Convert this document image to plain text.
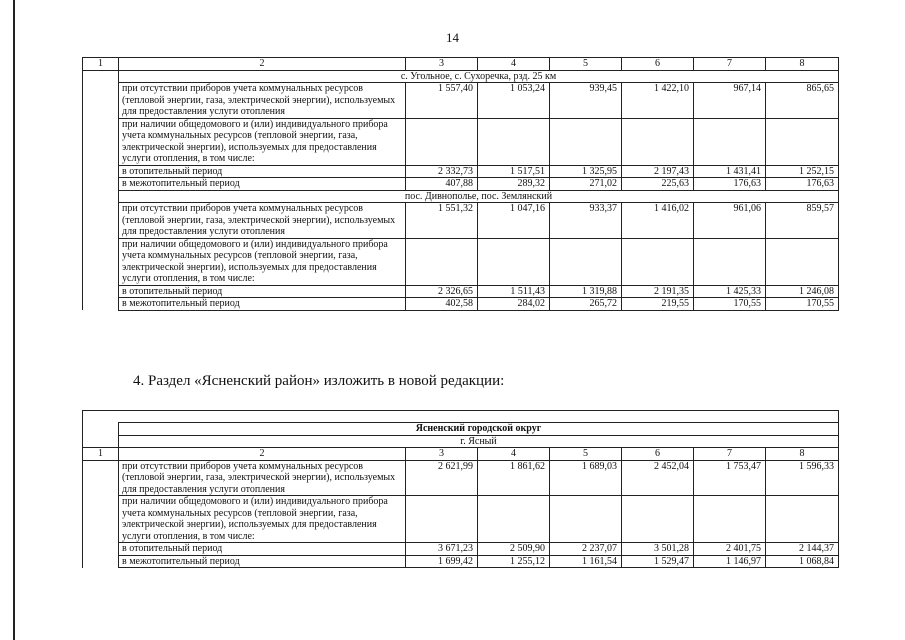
14
1	2	3	4	5	6	7	8
	с. Угольное, с. Сухоречка, рзд. 25 км						
	при отсутствии приборов учета коммунальных ресурсов (тепловой энергии, газа, электрической энергии), используемых для предоставления услуги отопления	1 557,40	1 053,24	939,45	1 422,10	967,14	865,65
	при наличии общедомового и (или) индивидуального прибора учета коммунальных ресурсов (тепловой энергии, газа, электрической энергии), используемых для предоставления услуги отопления, в том числе:						
	в отопительный период	2 332,73	1 517,51	1 325,95	2 197,43	1 431,41	1 252,15
	в межотопительный период	407,88	289,32	271,02	225,63	176,63	176,63
	пос. Дивнополье, пос. Землянский						
	при отсутствии приборов учета коммунальных ресурсов (тепловой энергии, газа, электрической энергии), используемых для предоставления услуги отопления	1 551,32	1 047,16	933,37	1 416,02	961,06	859,57
	при наличии общедомового и (или) индивидуального прибора учета коммунальных ресурсов (тепловой энергии, газа, электрической энергии), используемых для предоставления услуги отопления, в том числе:						
	в отопительный период	2 326,65	1 511,43	1 319,88	2 191,35	1 425,33	1 246,08
	в межотопительный период	402,58	284,02	265,72	219,55	170,55	170,55
4. Раздел «Ясненский район» изложить в новой редакции:

	Ясненский городской округ						
	г. Ясный						
1	2	3	4	5	6	7	8
	при отсутствии приборов учета коммунальных ресурсов (тепловой энергии, газа, электрической энергии), используемых для предоставления услуги отопления	2 621,99	1 861,62	1 689,03	2 452,04	1 753,47	1 596,33
	при наличии общедомового и (или) индивидуального прибора учета коммунальных ресурсов (тепловой энергии, газа, электрической энергии), используемых для предоставления услуги отопления, в том числе:						
	в отопительный период	3 671,23	2 509,90	2 237,07	3 501,28	2 401,75	2 144,37
	в межотопительный период	1 699,42	1 255,12	1 161,54	1 529,47	1 146,97	1 068,84
